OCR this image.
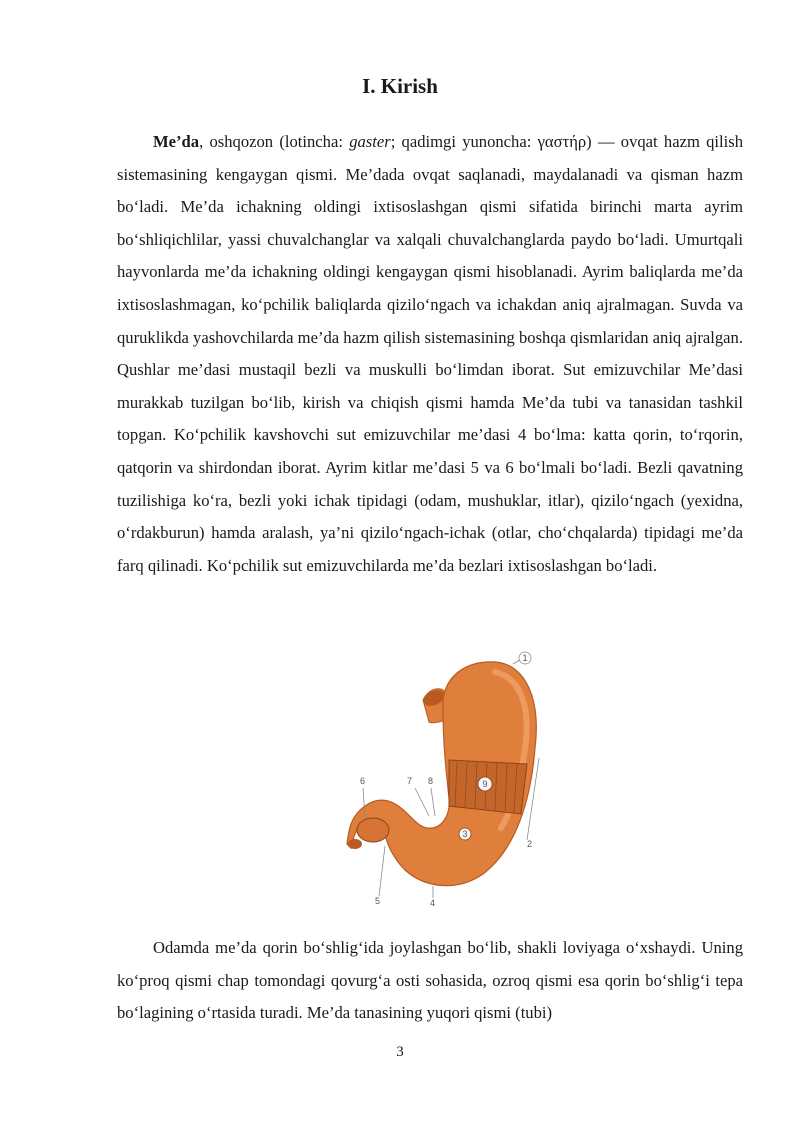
I. Kirish

Me’da, oshqozon (lotincha: gaster; qadimgi yunoncha: γαστήρ) — ovqat hazm qilish sistemasining kengaygan qismi. Me’dada ovqat saqlanadi, maydalanadi va qisman hazm bo‘ladi. Me’da ichakning oldingi ixtisoslashgan qismi sifatida birinchi marta ayrim bo‘shliqichlilar, yassi chuvalchanglar va xalqali chuvalchanglarda paydo bo‘ladi. Umurtqali hayvonlarda me’da ichakning oldingi kengaygan qismi hisoblanadi. Ayrim baliqlarda me’da ixtisoslashmagan, ko‘pchilik baliqlarda qizilo‘ngach va ichakdan aniq ajralmagan. Suvda va quruklikda yashovchilarda me’da hazm qilish sistemasining boshqa qismlaridan aniq ajralgan. Qushlar me’dasi mustaqil bezli va muskulli bo‘limdan iborat. Sut emizuvchilar Me’dasi murakkab tuzilgan bo‘lib, kirish va chiqish qismi hamda Me’da tubi va tanasidan tashkil topgan. Ko‘pchilik kavshovchi sut emizuvchilar me’dasi 4 bo‘lma: katta qorin, to‘rqorin, qatqorin va shirdondan iborat. Ayrim kitlar me’dasi 5 va 6 bo‘lmali bo‘ladi. Bezli qavatning tuzilishiga ko‘ra, bezli yoki ichak tipidagi (odam, mushuklar, itlar), qizilo‘ngach (yexidna, o‘rdakburun) hamda aralash, ya’ni qizilo‘ngach-ichak (otlar, cho‘chqalarda) tipidagi me’da farq qilinadi. Ko‘pchilik sut emizuvchilarda me’da bezlari ixtisoslashgan bo‘ladi.

1
2
3
4
5
6	7 8	9

Odamda me’da qorin bo‘shlig‘ida joylashgan bo‘lib, shakli loviyaga o‘xshaydi. Uning ko‘proq qismi chap tomondagi qovurg‘a osti sohasida, ozroq qismi esa qorin bo‘shlig‘i tepa bo‘lagining o‘rtasida turadi. Me’da tanasining yuqori qismi (tubi)

3
